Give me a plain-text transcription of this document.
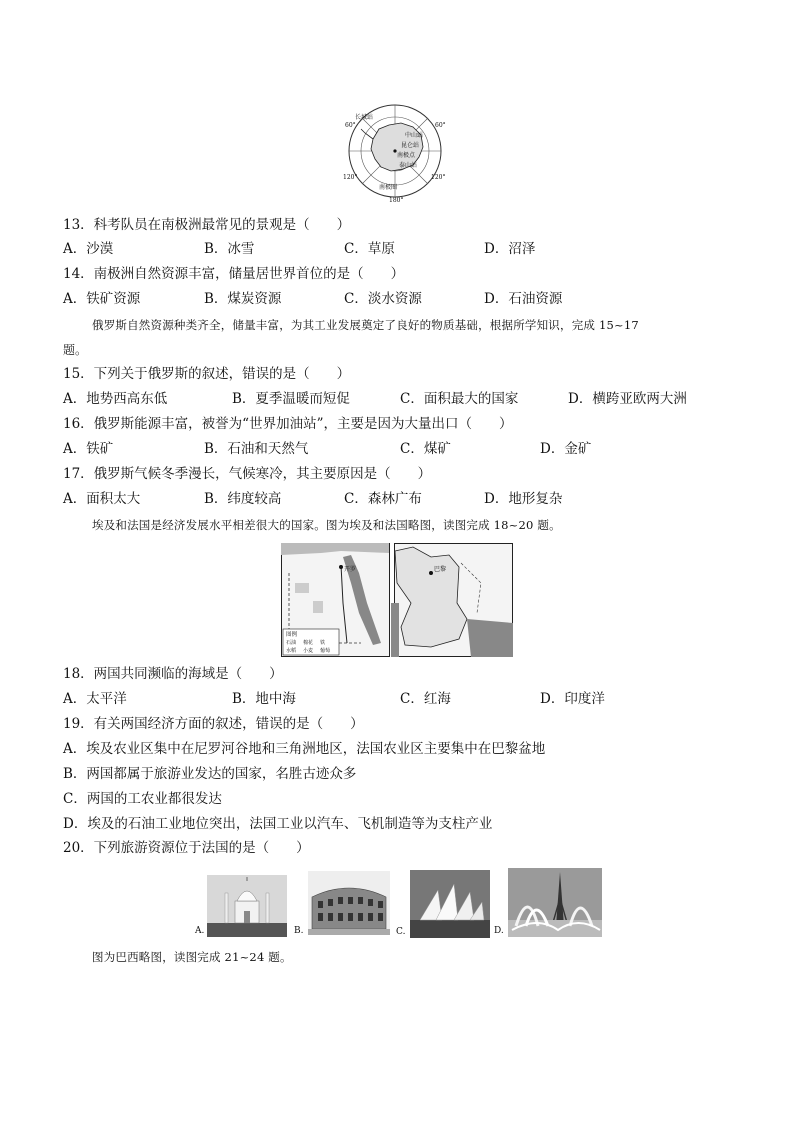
60°	60°
120°	120°
180°
长城站
中山站
昆仑站
泰山站
南极点
南极圈
13．科考队员在南极洲最常见的景观是（　　）
A．沙漠	B．冰雪	C．草原	D．沼泽
14．南极洲自然资源丰富，储量居世界首位的是（　　）
A．铁矿资源	B．煤炭资源	C．淡水资源	D．石油资源
俄罗斯自然资源种类齐全，储量丰富，为其工业发展奠定了良好的物质基础，根据所学知识，完成 15~17
题。
15．下列关于俄罗斯的叙述，错误的是（　　）
A．地势西高东低	B．夏季温暖而短促	C．面积最大的国家	D．横跨亚欧两大洲
16．俄罗斯能源丰富，被誉为“世界加油站”，主要是因为大量出口（　　）
A．铁矿	B．石油和天然气	C．煤矿	D．金矿
17．俄罗斯气候冬季漫长，气候寒冷，其主要原因是（　　）
A．面积太大	B．纬度较高	C．森林广布	D．地形复杂
埃及和法国是经济发展水平相差很大的国家。图为埃及和法国略图，读图完成 18~20 题。
开罗
图例
石油 棉花 铁
水稻 小麦 葡萄
巴黎
18．两国共同濒临的海域是（　　）
A．太平洋	B．地中海	C．红海	D．印度洋
19．有关两国经济方面的叙述，错误的是（　　）
A．埃及农业区集中在尼罗河谷地和三角洲地区，法国农业区主要集中在巴黎盆地
B．两国都属于旅游业发达的国家，名胜古迹众多
C．两国的工农业都很发达
D．埃及的石油工业地位突出，法国工业以汽车、飞机制造等为支柱产业
20．下列旅游资源位于法国的是（　　）
A.	B.	C.	D.
图为巴西略图，读图完成 21~24 题。
